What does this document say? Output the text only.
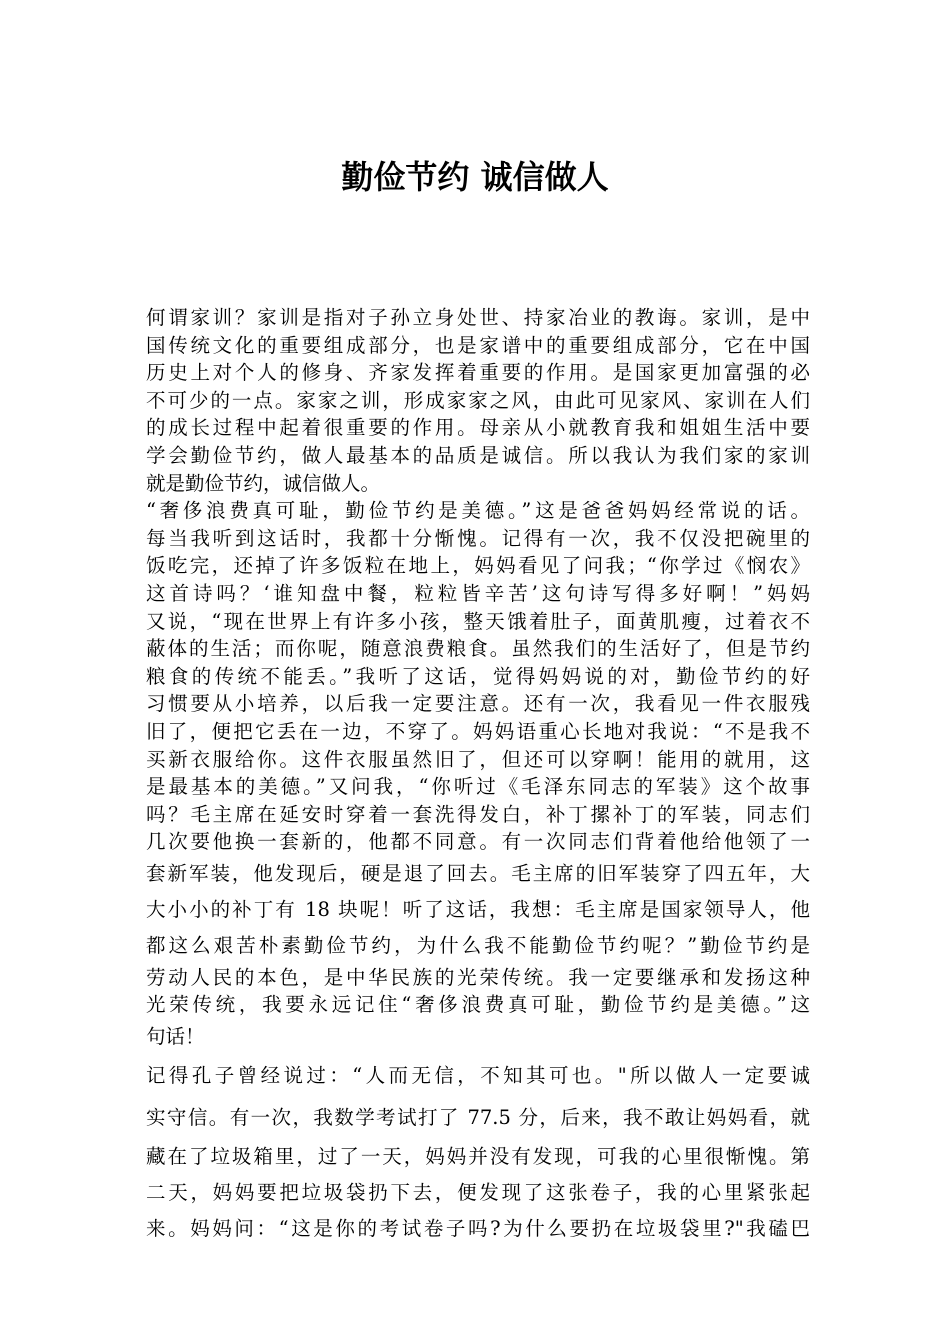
勤俭节约 诚信做人
何谓家训？家训是指对子孙立身处世、持家冶业的教诲。家训，是中
国传统文化的重要组成部分，也是家谱中的重要组成部分，它在中国
历史上对个人的修身、齐家发挥着重要的作用。是国家更加富强的必
不可少的一点。家家之训，形成家家之风，由此可见家风、家训在人们
的成长过程中起着很重要的作用。母亲从小就教育我和姐姐生活中要
学会勤俭节约，做人最基本的品质是诚信。所以我认为我们家的家训
就是勤俭节约，诚信做人。
“奢侈浪费真可耻，勤俭节约是美德。”这是爸爸妈妈经常说的话。
每当我听到这话时，我都十分惭愧。记得有一次，我不仅没把碗里的
饭吃完，还掉了许多饭粒在地上，妈妈看见了问我；“你学过《悯农》
这首诗吗？‘谁知盘中餐，粒粒皆辛苦’这句诗写得多好啊！”妈妈
又说，“现在世界上有许多小孩，整天饿着肚子，面黄肌瘦，过着衣不
蔽体的生活；而你呢，随意浪费粮食。虽然我们的生活好了，但是节约
粮食的传统不能丢。”我听了这话，觉得妈妈说的对，勤俭节约的好
习惯要从小培养，以后我一定要注意。还有一次，我看见一件衣服残
旧了，便把它丢在一边，不穿了。妈妈语重心长地对我说：“不是我不
买新衣服给你。这件衣服虽然旧了，但还可以穿啊！能用的就用，这
是最基本的美德。”又问我，“你听过《毛泽东同志的军装》这个故事
吗？毛主席在延安时穿着一套洗得发白，补丁摞补丁的军装，同志们
几次要他换一套新的，他都不同意。有一次同志们背着他给他领了一
套新军装，他发现后，硬是退了回去。毛主席的旧军装穿了四五年，大
大小小的补丁有 18 块呢！听了这话，我想：毛主席是国家领导人，他
都这么艰苦朴素勤俭节约，为什么我不能勤俭节约呢？”勤俭节约是
劳动人民的本色，是中华民族的光荣传统。我一定要继承和发扬这种
光荣传统，我要永远记住“奢侈浪费真可耻，勤俭节约是美德。”这
句话！
记得孔子曾经说过：“人而无信，不知其可也。"所以做人一定要诚
实守信。有一次，我数学考试打了 77.5 分，后来，我不敢让妈妈看，就
藏在了垃圾箱里，过了一天，妈妈并没有发现，可我的心里很惭愧。第
二天，妈妈要把垃圾袋扔下去，便发现了这张卷子，我的心里紧张起
来。妈妈问：“这是你的考试卷子吗?为什么要扔在垃圾袋里?"我磕巴
